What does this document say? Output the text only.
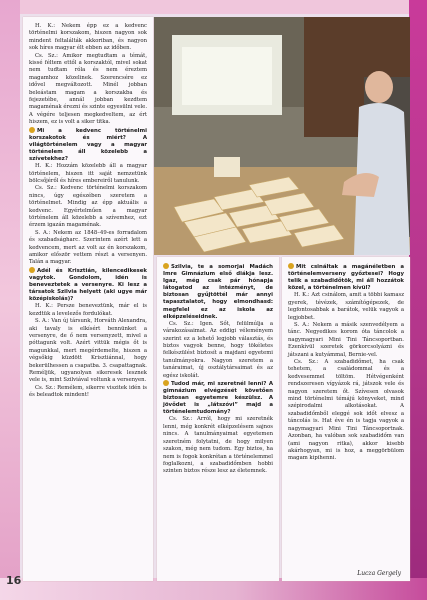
H. K.: Nekem épp ez a kedvenc történelmi korszakom, hiszen nagyon sok mindent feltalálták akkoriban, és nagyon sok híres magyar élt ebben az időben.

Cs. Sz.: Amikor megtudtam a témát, kissé féltem ettől a korszaktól, mivel sokat nem tudtam róla és nem éreztem magamhoz közelinek. Szerencsére ez idővel megváltozott. Minél jobban beleástam magam a korszakba és fejezetébe, annál jobban kezdtem magaménak érezni és szinte egyesülni vele. A végére teljesen megkedveltem, az ért hiszem, ez is volt a siker titka.

Mi a kedvenc történelmi korszakotok és miért? A világtörténelem vagy a magyar történelem áll közelebb a szívetekhez?

H. K.: Hozzám közelebb áll a magyar történelem, hiszen itt saját nemzetünk bölcsőjéről és híres embereiről tanulunk.

Cs. Sz.: Kedvenc történelmi korszakom nincs, úgy egészében szeretem a történelmet. Mindig az épp aktuális a kedvenc. Egyértelműen a magyar történelem áll közelebb a szívemhez, ezt érzem igazán magaménak.

S. A.: Nekem az 1848–49-es forradalom és szabadságharc. Szerintem azért lett a kedvencem, mert az volt az én korszakom, amikor először vettem részt a versenyen. Talán a magyar.

Adél és Krisztián, kilencedikesek vagytok. Gondolom, idén is beneveztetek a versenyre. Ki lesz a társatok Szilvia helyett (aki ugye már középiskolás)?

H. K.: Persze beneveztünk, már el is kezdtük a levelezős fordulókat.

S. A.: Van új társunk, Horváth Alexandra, aki tavaly is elkísért bennünket a versenyre, de ő nem versenyzett, mivel a póttagunk volt. Azért vittük mégis őt is magunkkal, mert megérdemelte, hiszen a végsőkig küzdött Krisztiánnal, hogy bekerülhessen a csapatba. 3. csapattagnak. Reméljük, ugyanolyan sikeresek lesznek vele is, mint Szilviával voltunk a versenyen.

Cs. Sz.: Remélem, sikerre viszitek idén is és beleadtok mindent!

Szilvia, te a somorjai Madách Imre Gimnázium első diákja lesz. Igaz, még csak pár hónapja látogatod az intézményt, de biztosan gyűjtöttél már annyi tapasztalatot, hogy elmondhasd: megfelel ez az iskola az elképzeléseidnek.

Cs. Sz.: Igen. Sőt, felülmúlja a várakozásaimat. Az eddigi véleményem szerint ez a lehető legjobb választás, és biztos vagyok benne, hogy tökéletes felkészülést biztosít a majdani egyetemi tanulmányokra. Nagyon szeretem a tanáraimat, új osztálytársaimat és az egész iskolát.

Tudod már, mi szeretnél lenni? A gimnázium elvégzését követően biztosan egyetemre készülsz. A jövődet is „látszóvi” majd a történelemtudomány?

Cs. Sz.: Arról, hogy mi szeretnék lenni, még konkrét elképzelésem sajnos nincs. A tanulmányaimat egyetemen szeretném folytatni, de hogy milyen szakon, még nem tudom. Egy biztos, ha nem is fogok konkrétan a történelemmel foglalkozni, a szabadidőmben hobbi szinten biztos része lesz az életemnek.

Mit csináltak a magánéletben a történelemverseny győztesei? Hogy telik a szabadidőtök, mi áll hozzátok közel, a történelmen kívül?

H. K.: Azt csinálom, amit a többi kamasz gyerek, tévézek, számítógépezek, de legfontosabbak a barátok, velük vagyok a legjobbet.

S. A.: Nekem a másik szenvedélyem a tánc. Negyedikes korom óta táncolok a nagymagyari Mini Tini Táncsoportban. Ezenkívül szeretek görkorcsolyázni és játszani a kutyámmal, Bernie-vel.

Cs. Sz.: A szabadidőmet, ha csak tehetem, a családommal és a kedvesemmel töltöm. Hétvégenként rendszeresen vígyázok rá, játszok vele és nagyon szeretem őt. Szívesen olvasok mind történelmi témájú könyveket, mind szépirodalmi alkotásokat. A szabadidőmből eleggé sok időt elvesz a táncolás is. Hat éve én is tagja vagyok a nagymagyari Mini Tini Táncsoportnak. Azonban, ha valóban sok szabadidőm van (ami nagyon ritka), akkor kisebb akárhogyan, mi is hoz, a meggörbülom magam kipihenni.

Lucza Gergely
16
